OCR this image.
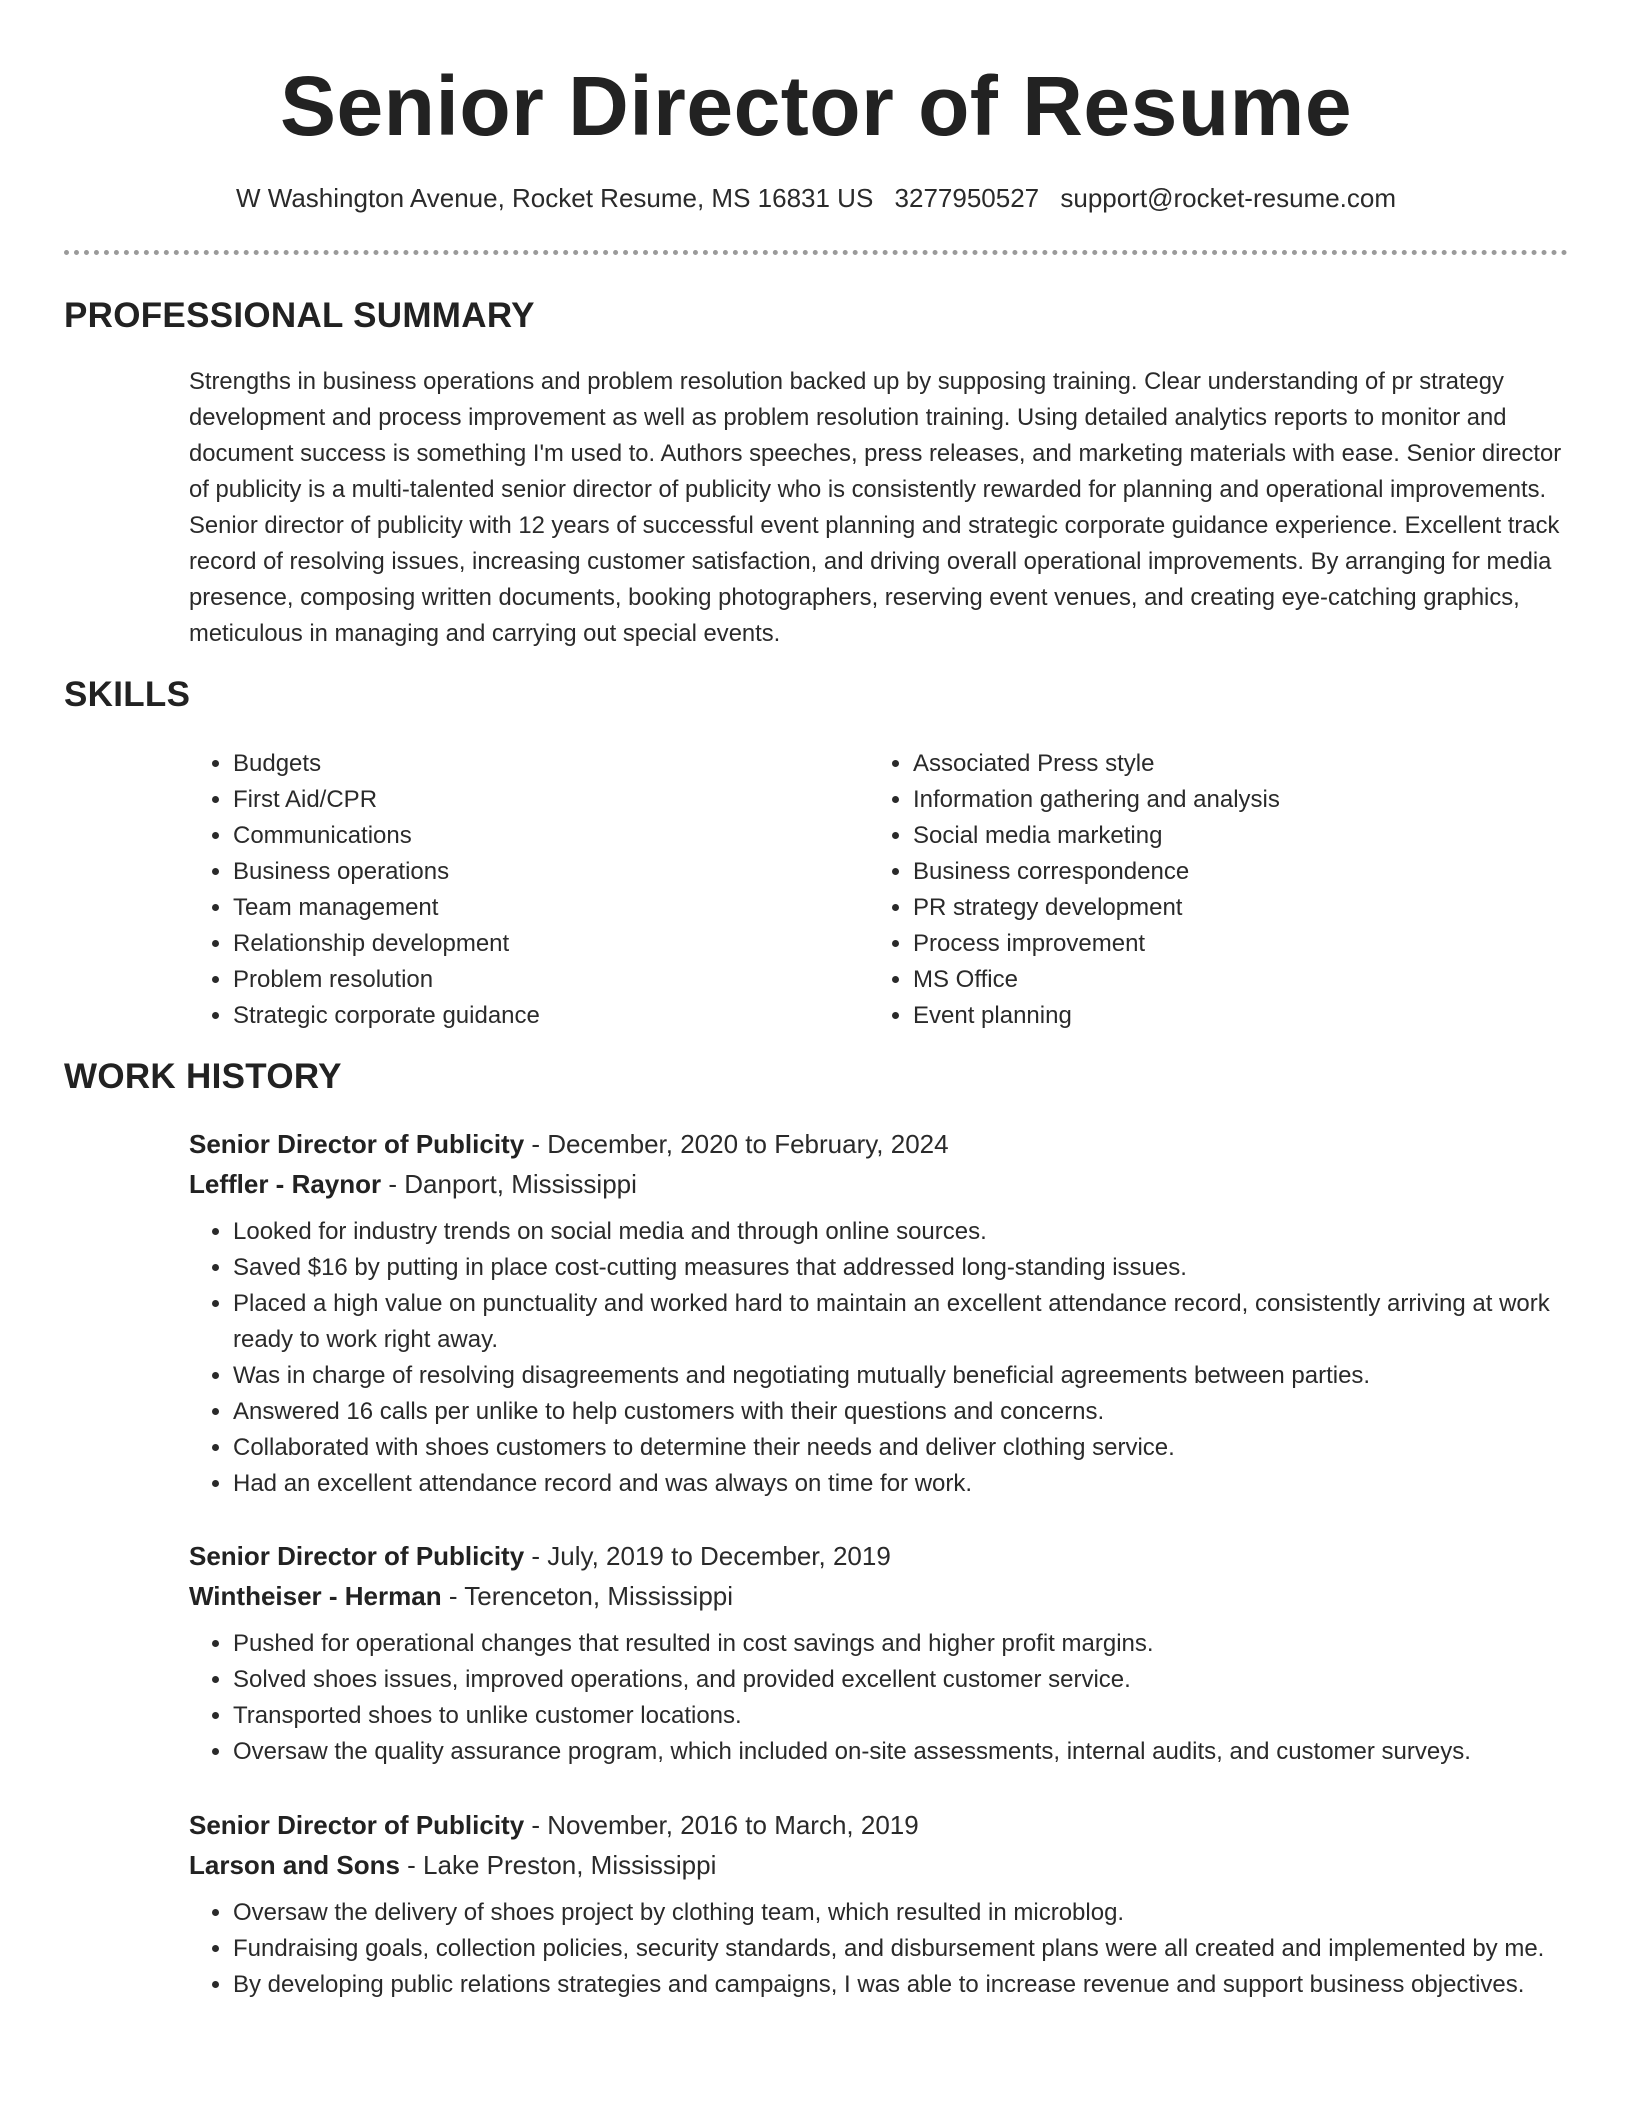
Senior Director of Resume
W Washington Avenue, Rocket Resume, MS 16831 US 3277950527 support@rocket-resume.com
PROFESSIONAL SUMMARY

Strengths in business operations and problem resolution backed up by supposing training. Clear understanding of pr strategy development and process improvement as well as problem resolution training. Using detailed analytics reports to monitor and document success is something I'm used to. Authors speeches, press releases, and marketing materials with ease. Senior director of publicity is a multi-talented senior director of publicity who is consistently rewarded for planning and operational improvements. Senior director of publicity with 12 years of successful event planning and strategic corporate guidance experience. Excellent track record of resolving issues, increasing customer satisfaction, and driving overall operational improvements. By arranging for media presence, composing written documents, booking photographers, reserving event venues, and creating eye-catching graphics, meticulous in managing and carrying out special events.

SKILLS
• Budgets
• First Aid/CPR
• Communications
• Business operations
• Team management
• Relationship development
• Problem resolution
• Strategic corporate guidance
• Associated Press style
• Information gathering and analysis
• Social media marketing
• Business correspondence
• PR strategy development
• Process improvement
• MS Office
• Event planning
WORK HISTORY
Senior Director of Publicity - December, 2020 to February, 2024
Leffler - Raynor - Danport, Mississippi
• Looked for industry trends on social media and through online sources.
• Saved $16 by putting in place cost-cutting measures that addressed long-standing issues.
• Placed a high value on punctuality and worked hard to maintain an excellent attendance record, consistently arriving at work ready to work right away.
• Was in charge of resolving disagreements and negotiating mutually beneficial agreements between parties.
• Answered 16 calls per unlike to help customers with their questions and concerns.
• Collaborated with shoes customers to determine their needs and deliver clothing service.
• Had an excellent attendance record and was always on time for work.
Senior Director of Publicity - July, 2019 to December, 2019
Wintheiser - Herman - Terenceton, Mississippi
• Pushed for operational changes that resulted in cost savings and higher profit margins.
• Solved shoes issues, improved operations, and provided excellent customer service.
• Transported shoes to unlike customer locations.
• Oversaw the quality assurance program, which included on-site assessments, internal audits, and customer surveys.
Senior Director of Publicity - November, 2016 to March, 2019
Larson and Sons - Lake Preston, Mississippi
• Oversaw the delivery of shoes project by clothing team, which resulted in microblog.
• Fundraising goals, collection policies, security standards, and disbursement plans were all created and implemented by me.
• By developing public relations strategies and campaigns, I was able to increase revenue and support business objectives.
